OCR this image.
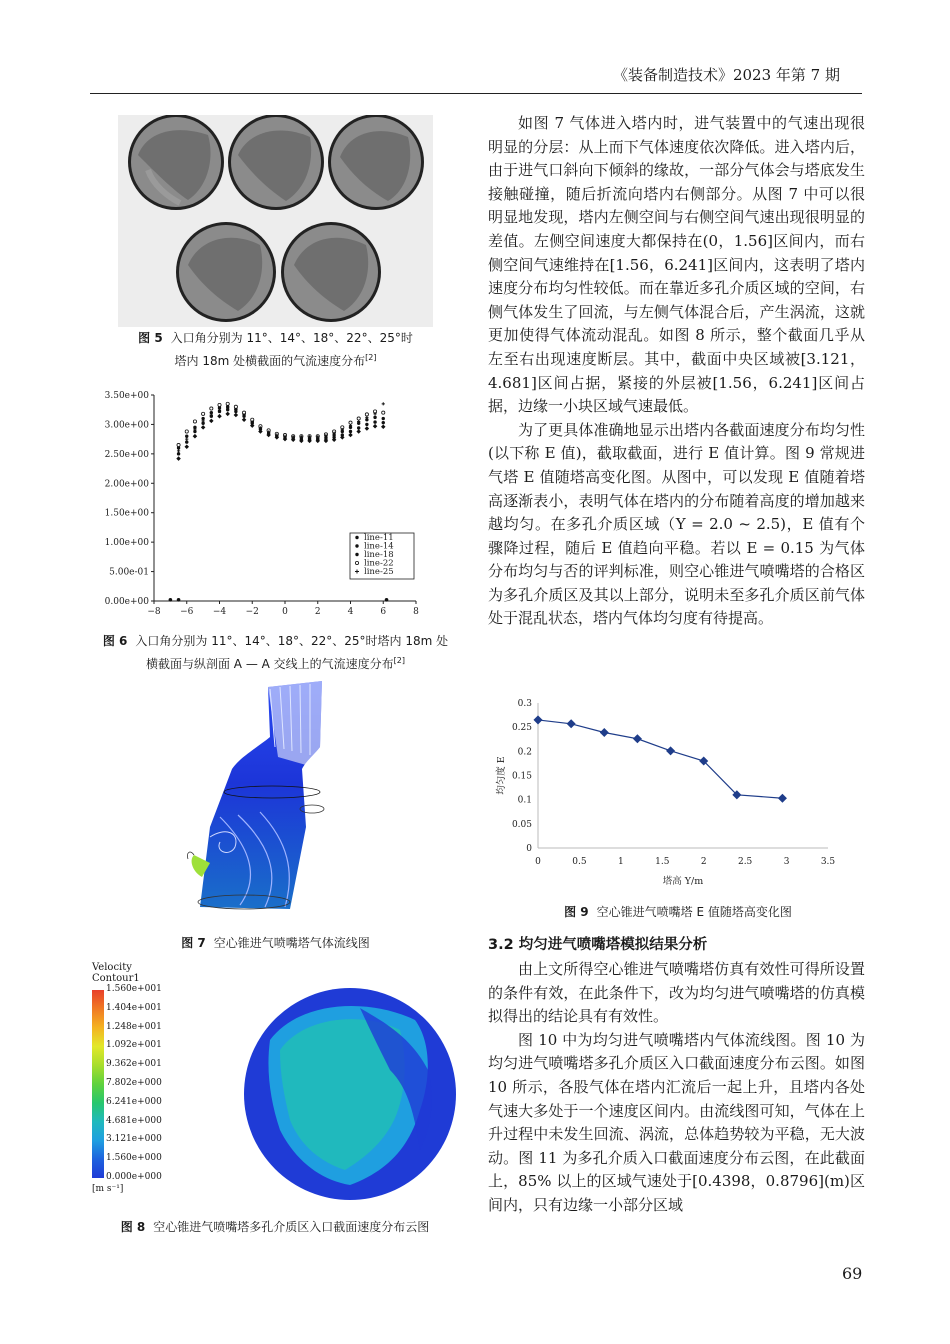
《装备制造技术》2023 年第 7 期
图 5 入口角分别为 11°、14°、18°、22°、25°时
塔内 18m 处横截面的气流速度分布[2]
0.00e+00
5.00e-01
1.00e+00
1.50e+00
2.00e+00
2.50e+00
3.00e+00
3.50e+00
−8 −6 −4 −2	0	2	4	6	8
line-11
line-14
line-18
line-22
line-25
图 6 入口角分别为 11°、14°、18°、22°、25°时塔内 18m 处
横截面与纵剖面 A — A 交线上的气流速度分布[2]
图 7 空心锥进气喷嘴塔气体流线图
Velocity
Contour1
1.560e+001
1.404e+001
1.248e+001
1.092e+001
9.362e+001
7.802e+000
6.241e+000
4.681e+000
3.121e+000
1.560e+000
0.000e+000
[m s⁻¹]
图 8 空心锥进气喷嘴塔多孔介质区入口截面速度分布云图

如图 7 气体进入塔内时，进气装置中的气速出现很明显的分层：从上而下气体速度依次降低。进入塔内后，由于进气口斜向下倾斜的缘故，一部分气体会与塔底发生接触碰撞，随后折流向塔内右侧部分。从图 7 中可以很明显地发现，塔内左侧空间与右侧空间气速出现很明显的差值。左侧空间速度大都保持在(0，1.56]区间内，而右侧空间气速维持在[1.56，6.241]区间内，这表明了塔内速度分布均匀性较低。而在靠近多孔介质区域的空间，右侧气体发生了回流，与左侧气体混合后，产生涡流，这就更加使得气体流动混乱。如图 8 所示，整个截面几乎从左至右出现速度断层。其中，截面中央区域被[3.121，4.681]区间占据，紧接的外层被[1.56，6.241]区间占据，边缘一小块区域气速最低。

为了更具体准确地显示出塔内各截面速度分布均匀性(以下称 E 值)，截取截面，进行 E 值计算。图 9 常规进气塔 E 值随塔高变化图。从图中，可以发现 E 值随着塔高逐渐表小，表明气体在塔内的分布随着高度的增加越来越均匀。在多孔介质区域（Y = 2.0 ~ 2.5)，E 值有个骤降过程，随后 E 值趋向平稳。若以 E = 0.15 为气体分布均匀与否的评判标准，则空心锥进气喷嘴塔的合格区为多孔介质区及其以上部分，说明未至多孔介质区前气体处于混乱状态，塔内气体均匀度有待提高。

0
0.05
0.1
0.15
0.2
0.25
0.3
0	0.5	1	1.5	2	2.5	3	3.5
塔高 Y/m
均匀度 E
图 9 空心锥进气喷嘴塔 E 值随塔高变化图
3.2 均匀进气喷嘴塔模拟结果分析

由上文所得空心锥进气喷嘴塔仿真有效性可得所设置的条件有效，在此条件下，改为均匀进气喷嘴塔的仿真模拟得出的结论具有有效性。

图 10 中为均匀进气喷嘴塔内气体流线图。图 10 为均匀进气喷嘴塔多孔介质区入口截面速度分布云图。如图 10 所示，各股气体在塔内汇流后一起上升，且塔内各处气速大多处于一个速度区间内。由流线图可知，气体在上升过程中未发生回流、涡流，总体趋势较为平稳，无大波动。图 11 为多孔介质入口截面速度分布云图，在此截面上，85% 以上的区域气速处于[0.4398，0.8796](m)区间内，只有边缘一小部分区域

69
